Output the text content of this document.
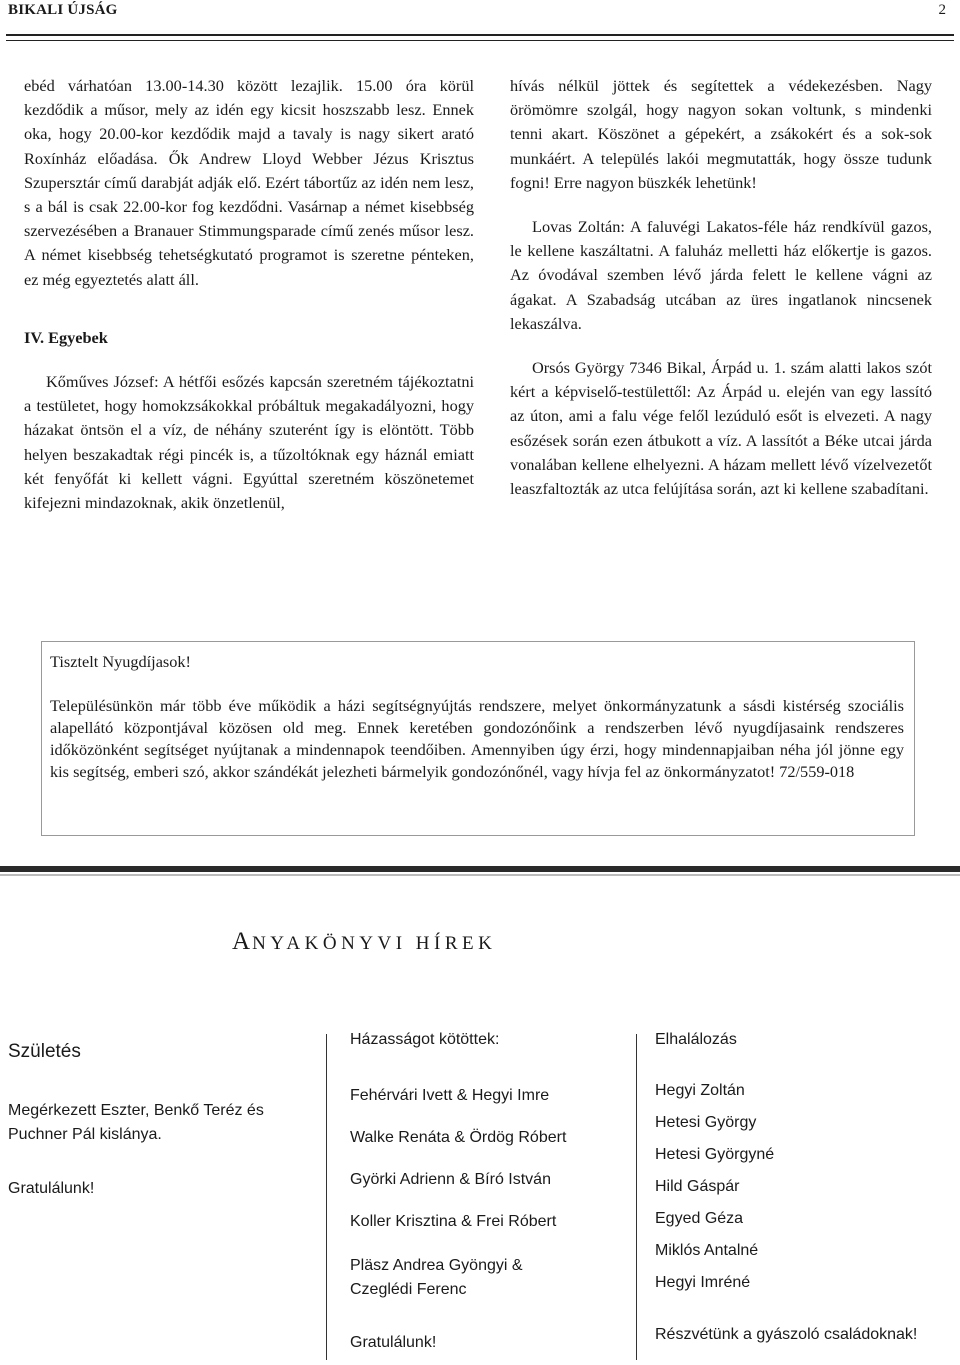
BIKALI ÚJSÁG	2

ebéd várhatóan 13.00-14.30 között lezajlik. 15.00 óra körül kezdődik a műsor, mely az idén egy kicsit hoszszabb lesz. Ennek oka, hogy 20.00-kor kezdődik majd a tavaly is nagy sikert arató Roxínház előadása. Ők Andrew Lloyd Webber Jézus Krisztus Szupersztár című darabját adják elő. Ezért tábortűz az idén nem lesz, s a bál is csak 22.00-kor fog kezdődni. Vasárnap a német kisebbség szervezésében a Branauer Stimmungsparade című zenés műsor lesz. A német kisebbség tehetségkutató programot is szeretne pénteken, ez még egyeztetés alatt áll.

IV. Egyebek

Kőműves József: A hétfői esőzés kapcsán szeretném tájékoztatni a testületet, hogy homokzsákokkal próbáltuk megakadályozni, hogy házakat öntsön el a víz, de néhány szuterént így is elöntött. Több helyen beszakadtak régi pincék is, a tűzoltóknak egy háznál emiatt két fenyőfát ki kellett vágni. Egyúttal szeretném köszönetemet kifejezni mindazoknak, akik önzetlenül,

hívás nélkül jöttek és segítettek a védekezésben. Nagy örömömre szolgál, hogy nagyon sokan voltunk, s mindenki tenni akart. Köszönet a gépekért, a zsákokért és a sok-sok munkáért. A település lakói megmutatták, hogy össze tudunk fogni! Erre nagyon büszkék lehetünk!

Lovas Zoltán: A faluvégi Lakatos-féle ház rendkívül gazos, le kellene kaszáltatni. A faluház melletti ház előkertje is gazos. Az óvodával szemben lévő járda felett le kellene vágni az ágakat. A Szabadság utcában az üres ingatlanok nincsenek lekaszálva.

Orsós György 7346 Bikal, Árpád u. 1. szám alatti lakos szót kért a képviselő-testülettől: Az Árpád u. elején van egy lassító az úton, ami a falu vége felől lezúduló esőt is elvezeti. A nagy esőzések során ezen átbukott a víz. A lassítót a Béke utcai járda vonalában kellene elhelyezni. A házam mellett lévő vízelvezetőt leaszfaltozták az utca felújítása során, azt ki kellene szabadítani.

Tisztelt Nyugdíjasok!

Településünkön már több éve működik a házi segítségnyújtás rendszere, melyet önkormányzatunk a sásdi kistérség szociális alapellátó központjával közösen old meg. Ennek keretében gondozónőink a rendszerben lévő nyugdíjasaink rendszeres időközönként segítséget nyújtanak a mindennapok teendőiben. Amennyiben úgy érzi, hogy mindennapjaiban néha jól jönne egy kis segítség, emberi szó, akkor szándékát jelezheti bármelyik gondozónőnél, vagy hívja fel az önkormányzatot! 72/559-018

ANYAKÖNYVI HÍREK
Születés
Megérkezett Eszter, Benkő Teréz és Puchner Pál kislánya.
Gratulálunk!
Házasságot kötöttek:
Fehérvári Ivett & Hegyi Imre
Walke Renáta & Ördög Róbert
Györki Adrienn & Bíró István
Koller Krisztina & Frei Róbert
Pläsz Andrea Gyöngyi & Czeglédi Ferenc
Gratulálunk!
Elhalálozás
Hegyi Zoltán
Hetesi György
Hetesi Györgyné
Hild Gáspár
Egyed Géza
Miklós Antalné
Hegyi Imréné
Részvétünk a gyászoló családoknak!
